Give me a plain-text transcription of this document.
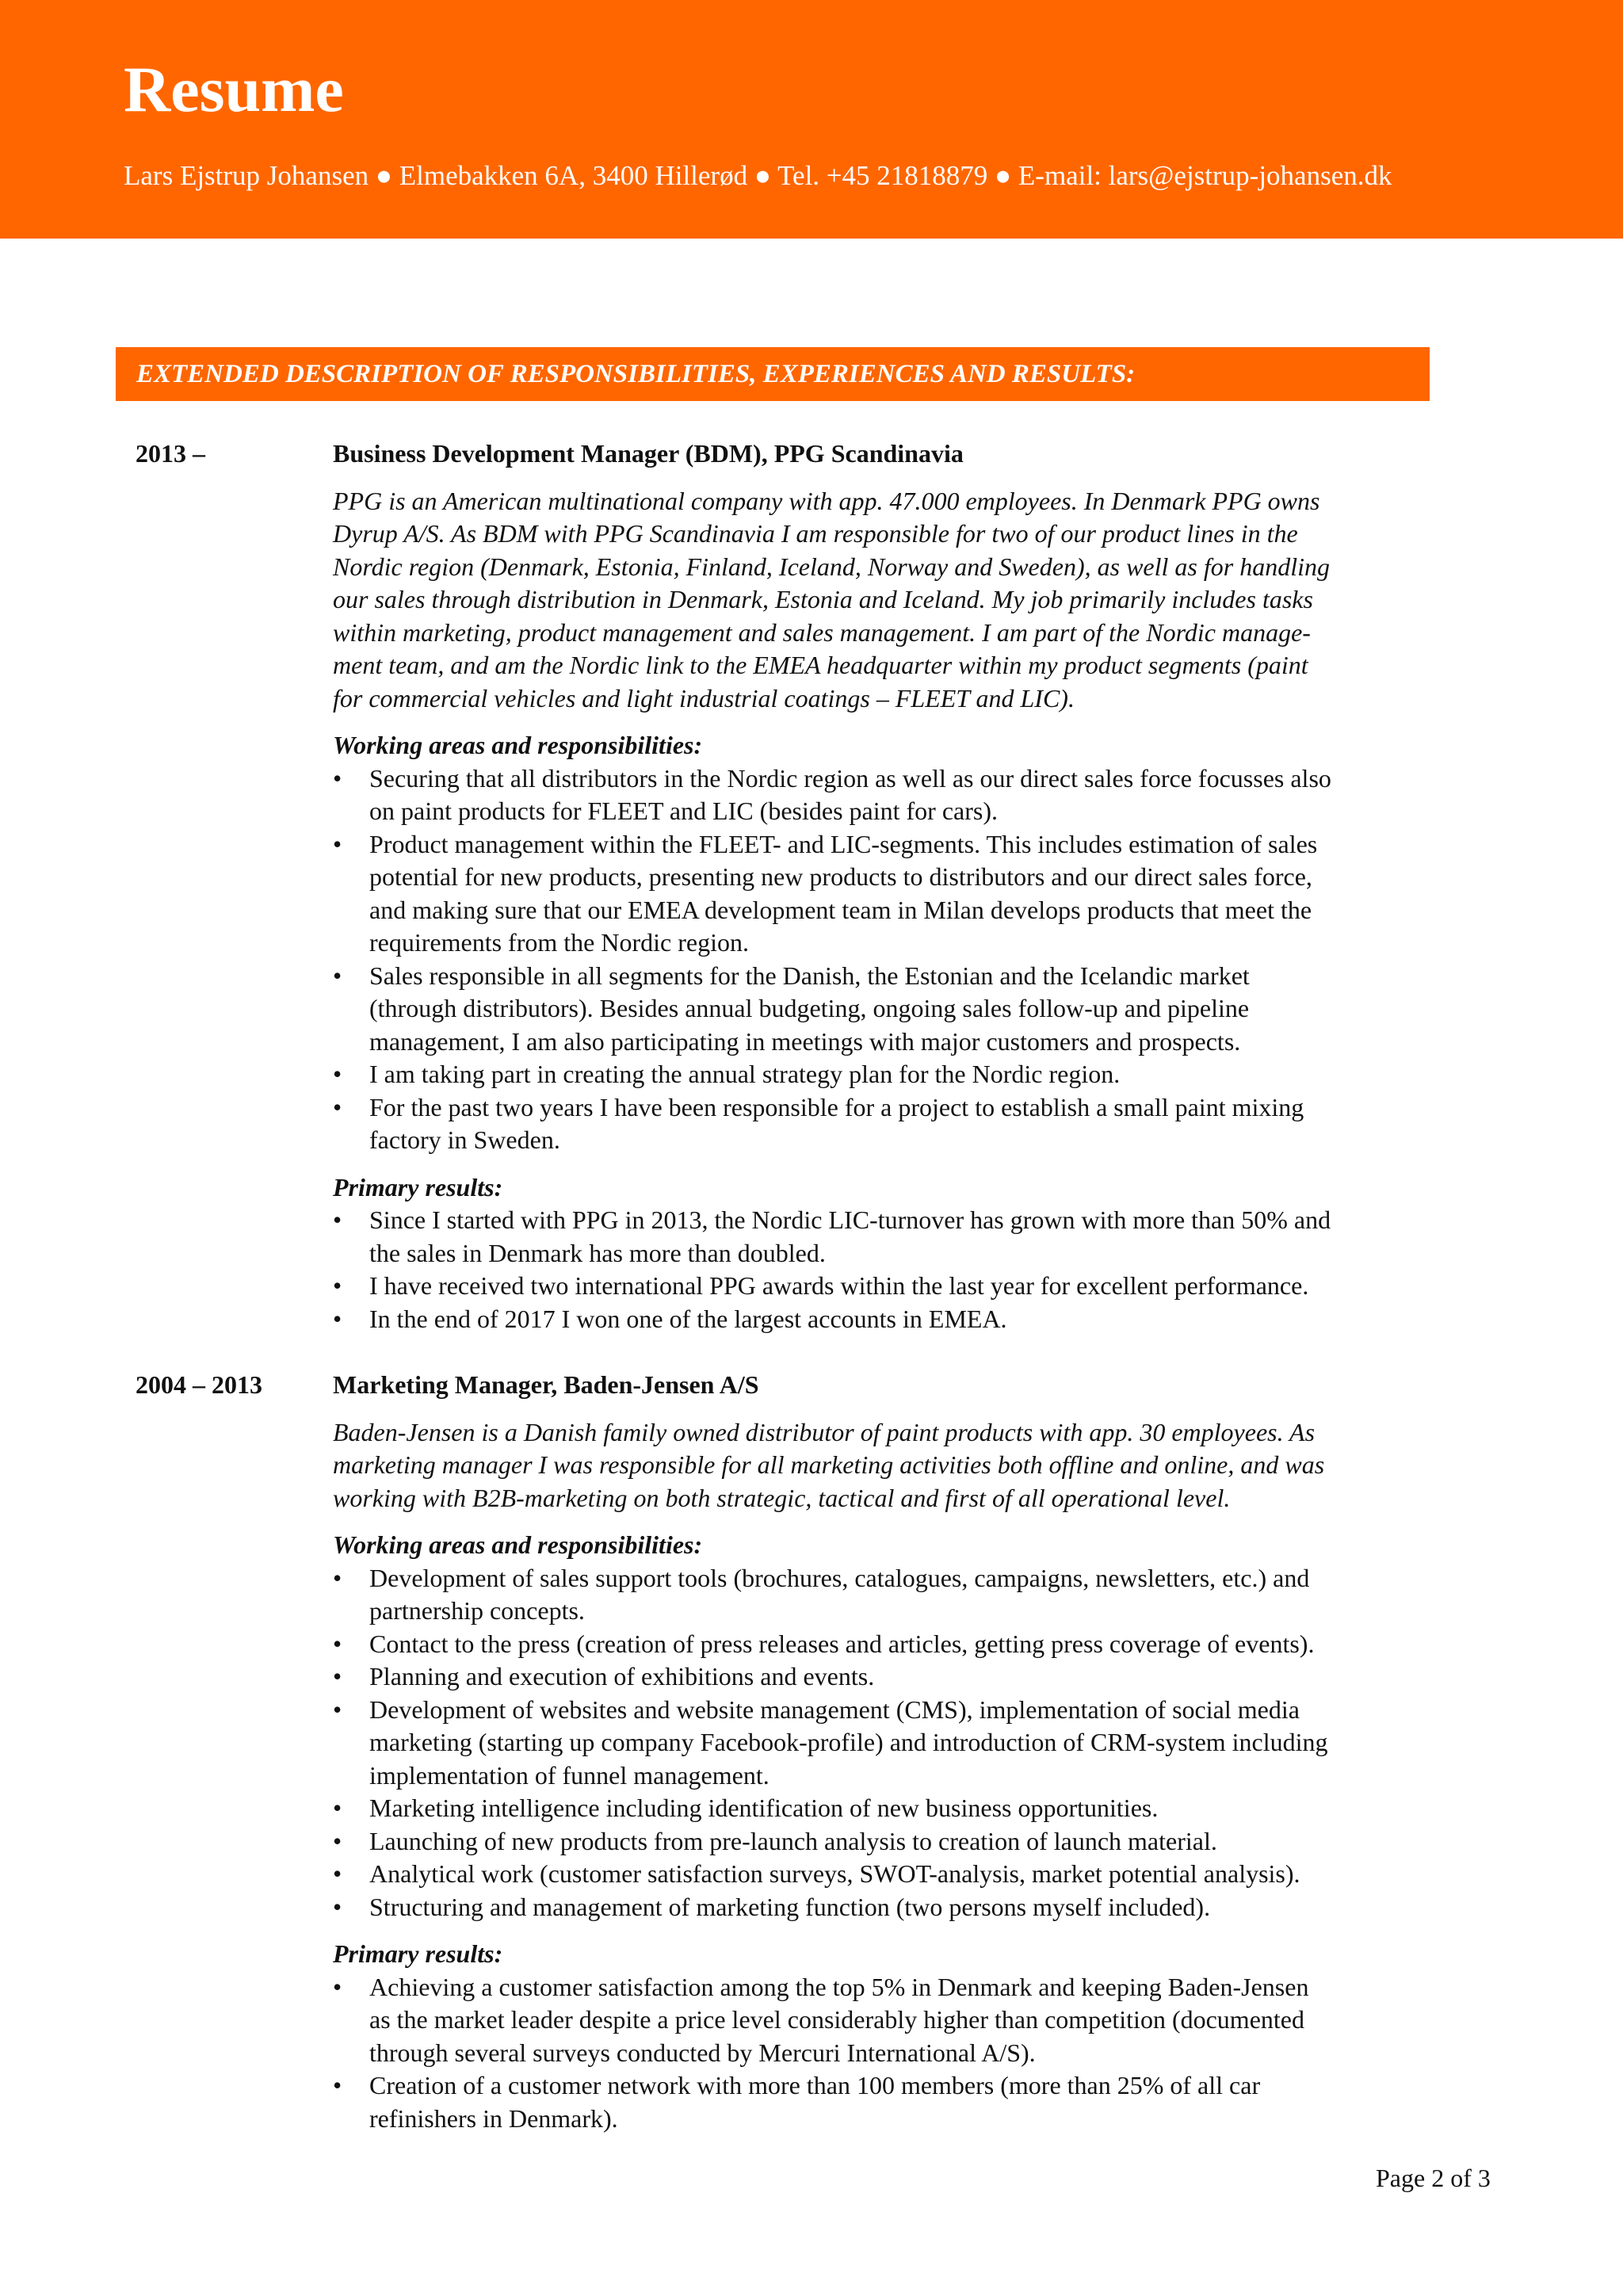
Resume
Lars Ejstrup Johansen ● Elmebakken 6A, 3400 Hillerød ● Tel. +45 21818879 ● E-mail: lars@ejstrup-johansen.dk
EXTENDED DESCRIPTION OF RESPONSIBILITIES, EXPERIENCES AND RESULTS:
2013 –	Business Development Manager (BDM), PPG Scandinavia
PPG is an American multinational company with app. 47.000 employees. In Denmark PPG owns
Dyrup A/S. As BDM with PPG Scandinavia I am responsible for two of our product lines in the
Nordic region (Denmark, Estonia, Finland, Iceland, Norway and Sweden), as well as for handling
our sales through distribution in Denmark, Estonia and Iceland. My job primarily includes tasks
within marketing, product management and sales management. I am part of the Nordic manage-
ment team, and am the Nordic link to the EMEA headquarter within my product segments (paint
for commercial vehicles and light industrial coatings – FLEET and LIC).
Working areas and responsibilities:
• Securing that all distributors in the Nordic region as well as our direct sales force focusses also
on paint products for FLEET and LIC (besides paint for cars).
• Product management within the FLEET- and LIC-segments. This includes estimation of sales
potential for new products, presenting new products to distributors and our direct sales force,
and making sure that our EMEA development team in Milan develops products that meet the
requirements from the Nordic region.
• Sales responsible in all segments for the Danish, the Estonian and the Icelandic market
(through distributors). Besides annual budgeting, ongoing sales follow-up and pipeline
management, I am also participating in meetings with major customers and prospects.
• I am taking part in creating the annual strategy plan for the Nordic region.
• For the past two years I have been responsible for a project to establish a small paint mixing
factory in Sweden.
Primary results:
• Since I started with PPG in 2013, the Nordic LIC-turnover has grown with more than 50% and
the sales in Denmark has more than doubled.
• I have received two international PPG awards within the last year for excellent performance.
• In the end of 2017 I won one of the largest accounts in EMEA.
2004 – 2013	Marketing Manager, Baden-Jensen A/S
Baden-Jensen is a Danish family owned distributor of paint products with app. 30 employees. As
marketing manager I was responsible for all marketing activities both offline and online, and was
working with B2B-marketing on both strategic, tactical and first of all operational level.
Working areas and responsibilities:
• Development of sales support tools (brochures, catalogues, campaigns, newsletters, etc.) and
partnership concepts.
• Contact to the press (creation of press releases and articles, getting press coverage of events).
• Planning and execution of exhibitions and events.
• Development of websites and website management (CMS), implementation of social media
marketing (starting up company Facebook-profile) and introduction of CRM-system including
implementation of funnel management.
• Marketing intelligence including identification of new business opportunities.
• Launching of new products from pre-launch analysis to creation of launch material.
• Analytical work (customer satisfaction surveys, SWOT-analysis, market potential analysis).
• Structuring and management of marketing function (two persons myself included).
Primary results:
• Achieving a customer satisfaction among the top 5% in Denmark and keeping Baden-Jensen
as the market leader despite a price level considerably higher than competition (documented
through several surveys conducted by Mercuri International A/S).
• Creation of a customer network with more than 100 members (more than 25% of all car
refinishers in Denmark).
Page 2 of 3
